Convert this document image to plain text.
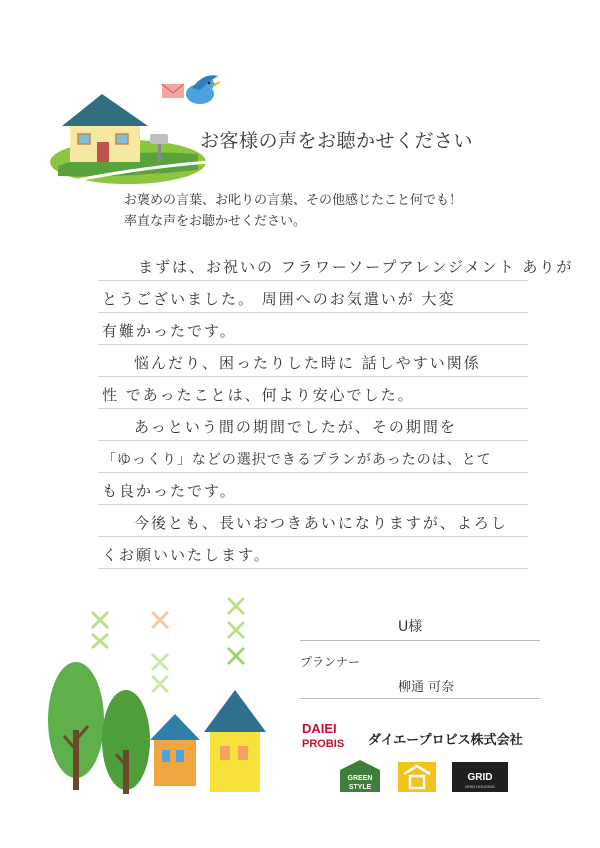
お客様の声をお聴かせください
お褒めの言葉、お叱りの言葉、その他感じたこと何でも！
率直な声をお聴かせください。
まずは、お祝いの フラワーソープアレンジメント ありが
とうございました。 周囲へのお気遣いが 大変
有難かったです。
悩んだり、困ったりした時に 話しやすい関係
性 であったことは、何より安心でした。
あっという間の期間でしたが、その期間を
「ゆっくり」などの選択できるプランがあったのは、とて
も良かったです。
今後とも、長いおつきあいになりますが、よろし
くお願いいたします。
U様
プランナー
柳通 可奈
DAIEI
PROBIS ダイエープロビス株式会社
GREEN
STYLE
GRID
GRID HOUSING
